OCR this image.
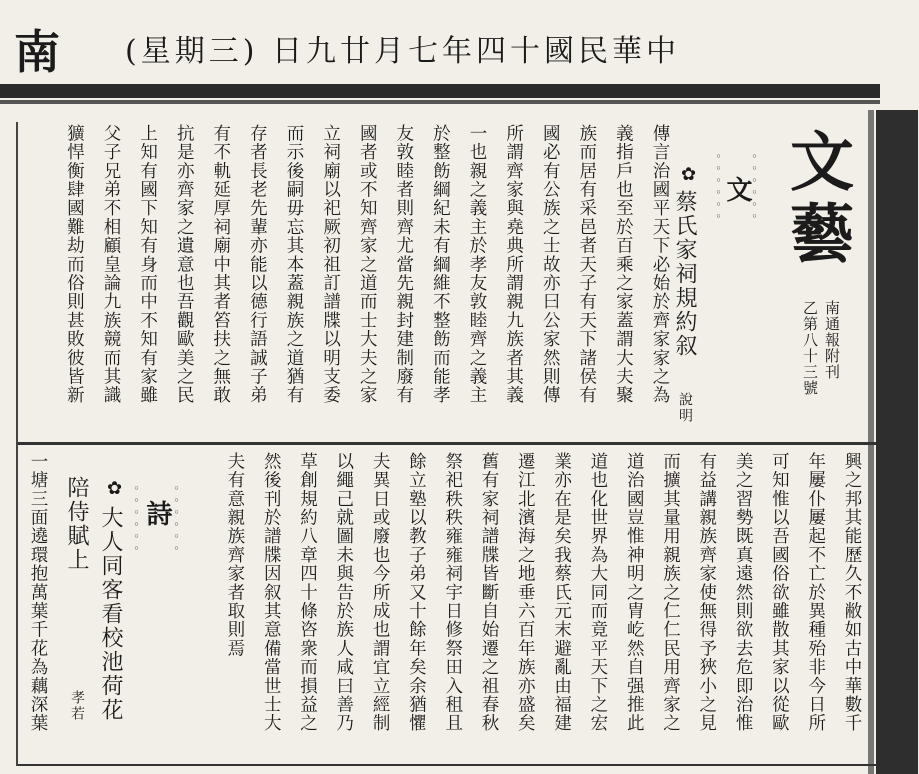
南 (星期三) 日九廿月七年四十國民華中
文藝
南通報附刊
乙第八十三號
◦◦◦◦◦◦
文
◦◦◦◦◦◦
✿
蔡氏家祠規約叙
說明
傳言治國平天下必始於齊家家之為
義指戶也至於百乘之家蓋謂大夫聚
族而居有采邑者天子有天下諸侯有
國必有公族之士故亦曰公家然則傳
所謂齊家與堯典所謂親九族者其義
一也親之義主於孝友敦睦齊之義主
於整飭綱紀未有綱維不整飭而能孝
友敦睦者則齊尤當先親封建制廢有
國者或不知齊家之道而士大夫之家
立祠廟以祀厥初祖訂譜牒以明支委
而示後嗣毋忘其本蓋親族之道猶有
存者長老先輩亦能以德行語誠子弟
有不軌延厚祠廟中其者笞扶之無敢
抗是亦齊家之遺意也吾觀歐美之民
上知有國下知有身而中不知有家雖
父子兄弟不相顧皇論九族競而其識
獷悍衡肆國難劫而俗則甚敗彼皆新
興之邦其能歷久不敝如古中華數千
年屢仆屢起不亡於異種殆非今日所
可知惟以吾國俗欲雖散其家以從歐
美之習勢既真遠然則欲去危即治惟
有益講親族齊家使無得予狹小之見
而擴其量用親族之仁仁民用齊家之
道治國豈惟神明之胄屹然自强推此
道也化世界為大同而竟平天下之宏
業亦在是矣我蔡氏元末避亂由福建
遷江北濱海之地垂六百年族亦盛矣
舊有家祠譜牒皆斷自始遷之祖春秋
祭祀秩秩雍雍祠宇日修祭田入租且
餘立塾以教子弟又十餘年矣余猶懼
夫異日或廢也今所成也謂宜立經制
以繩己就圖未與告於族人咸曰善乃
草創規約八章四十條咨衆而損益之
然後刊於譜牒因叙其意備當世士大
夫有意親族齊家者取則焉
✿
大人同客看校池荷花
陪侍賦上
孝若
◦◦◦◦◦◦
詩
◦◦◦◦◦◦
一塘三面遶環抱萬葉千花為藕深葉
